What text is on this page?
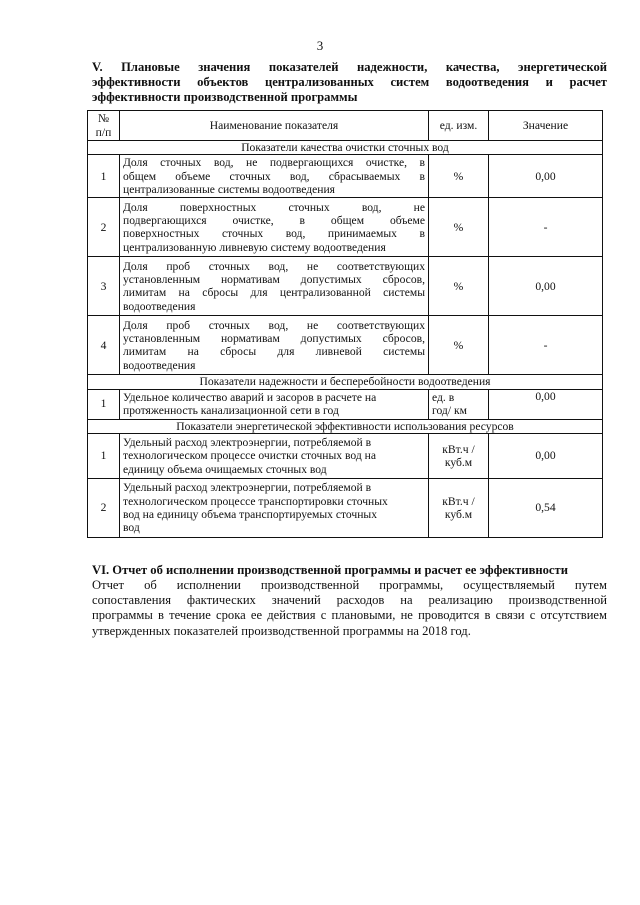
3
V. Плановые значения показателей надежности, качества, энергетической
эффективности объектов централизованных систем водоотведения и расчет
эффективности производственной программы
№
п/п	Наименование показателя	ед. изм.	Значение
Показатели качества очистки сточных вод			
1	Доля сточных вод, не подвергающихся очистке, в
общем объеме сточных вод, сбрасываемых в
централизованные системы водоотведения	%	0,00
2	Доля поверхностных сточных вод, не
подвергающихся очистке, в общем объеме
поверхностных сточных вод, принимаемых в
централизованную ливневую систему водоотведения	%	-
3	Доля проб сточных вод, не соответствующих
установленным нормативам допустимых сбросов,
лимитам на сбросы для централизованной системы
водоотведения	%	0,00
4	Доля проб сточных вод, не соответствующих
установленным нормативам допустимых сбросов,
лимитам на сбросы для ливневой системы
водоотведения	%	-
Показатели надежности и бесперебойности водоотведения			
1	Удельное количество аварий и засоров в расчете на
протяженность канализационной сети в год	ед. в
год/ км	0,00
Показатели энергетической эффективности использования ресурсов			
1	Удельный расход электроэнергии, потребляемой в
технологическом процессе очистки сточных вод на
единицу объема очищаемых сточных вод	кВт.ч /
куб.м	0,00
2	Удельный расход электроэнергии, потребляемой в
технологическом процессе транспортировки сточных
вод на единицу объема транспортируемых сточных
вод	кВт.ч /
куб.м	0,54
VI. Отчет об исполнении производственной программы и расчет ее эффективности
Отчет об исполнении производственной программы, осуществляемый путем
сопоставления фактических значений расходов на реализацию производственной
программы в течение срока ее действия с плановыми, не проводится в связи с отсутствием
утвержденных показателей производственной программы на 2018 год.
